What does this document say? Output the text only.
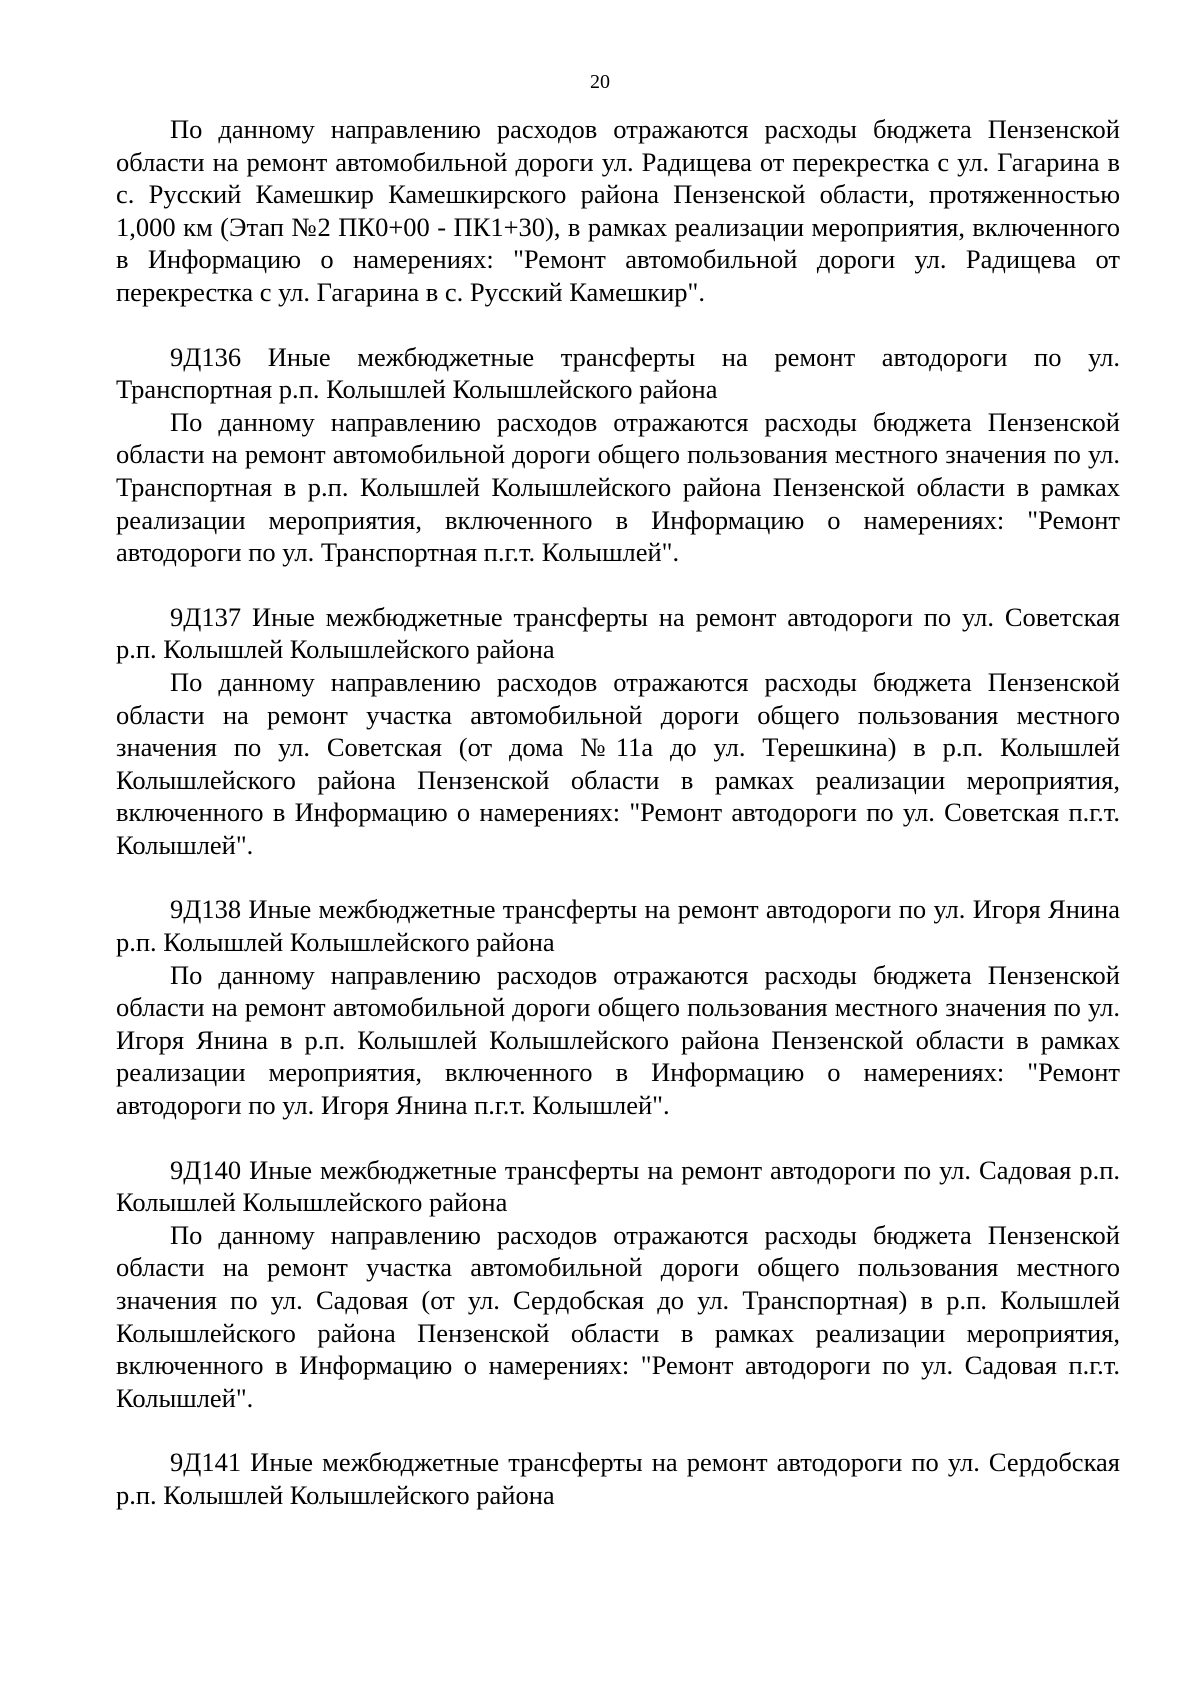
20

По данному направлению расходов отражаются расходы бюджета Пензенской области на ремонт автомобильной дороги ул. Радищева от перекрестка с ул. Гагарина в с. Русский Камешкир Камешкирского района Пензенской области, протяженностью 1,000 км (Этап №2 ПК0+00 - ПК1+30), в рамках реализации мероприятия, включенного в Информацию о намерениях: "Ремонт автомобильной дороги ул. Радищева от перекрестка с ул. Гагарина в с. Русский Камешкир".

9Д136 Иные межбюджетные трансферты на ремонт автодороги по ул. Транспортная р.п. Колышлей Колышлейского района

По данному направлению расходов отражаются расходы бюджета Пензенской области на ремонт автомобильной дороги общего пользования местного значения по ул. Транспортная в р.п. Колышлей Колышлейского района Пензенской области в рамках реализации мероприятия, включенного в Информацию о намерениях: "Ремонт автодороги по ул. Транспортная п.г.т. Колышлей".

9Д137 Иные межбюджетные трансферты на ремонт автодороги по ул. Советская р.п. Колышлей Колышлейского района

По данному направлению расходов отражаются расходы бюджета Пензенской области на ремонт участка автомобильной дороги общего пользования местного значения по ул. Советская (от дома №11а до ул. Терешкина) в р.п. Колышлей Колышлейского района Пензенской области в рамках реализации мероприятия, включенного в Информацию о намерениях: "Ремонт автодороги по ул. Советская п.г.т. Колышлей".

9Д138 Иные межбюджетные трансферты на ремонт автодороги по ул. Игоря Янина р.п. Колышлей Колышлейского района

По данному направлению расходов отражаются расходы бюджета Пензенской области на ремонт автомобильной дороги общего пользования местного значения по ул. Игоря Янина в р.п. Колышлей Колышлейского района Пензенской области в рамках реализации мероприятия, включенного в Информацию о намерениях: "Ремонт автодороги по ул. Игоря Янина п.г.т. Колышлей".

9Д140 Иные межбюджетные трансферты на ремонт автодороги по ул. Садовая р.п. Колышлей Колышлейского района

По данному направлению расходов отражаются расходы бюджета Пензенской области на ремонт участка автомобильной дороги общего пользования местного значения по ул. Садовая (от ул. Сердобская до ул. Транспортная) в р.п. Колышлей Колышлейского района Пензенской области в рамках реализации мероприятия, включенного в Информацию о намерениях: "Ремонт автодороги по ул. Садовая п.г.т. Колышлей".

9Д141 Иные межбюджетные трансферты на ремонт автодороги по ул. Сердобская р.п. Колышлей Колышлейского района
